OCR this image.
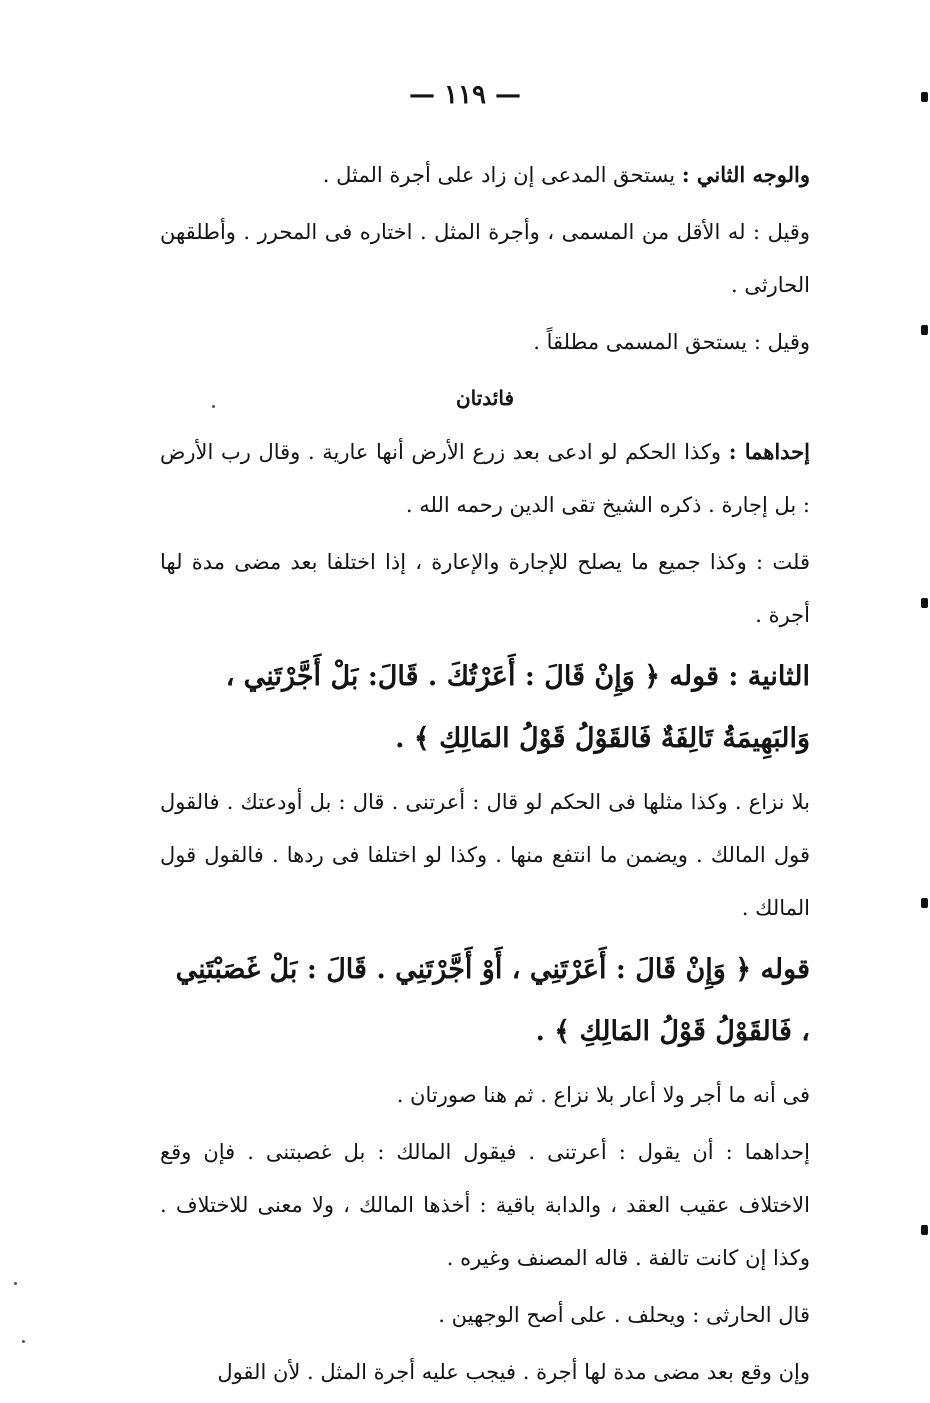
— ١١٩ —

والوجه الثاني : يستحق المدعى إن زاد على أجرة المثل .

وقيل : له الأقل من المسمى ، وأجرة المثل . اختاره فى المحرر . وأطلقهن الحارثى .

وقيل : يستحق المسمى مطلقاً .

فائدتان

إحداهما : وكذا الحكم لو ادعى بعد زرع الأرض أنها عارية . وقال رب الأرض : بل إجارة . ذكره الشيخ تقى الدين رحمه الله .

قلت : وكذا جميع ما يصلح للإجارة والإعارة ، إذا اختلفا بعد مضى مدة لها أجرة .

الثانية : قوله ﴿ وَإِنْ قَالَ : أَعَرْتُكَ . قَالَ: بَلْ أَجَّرْتَنِي ، وَالبَهِيمَةُ تَالِفَةٌ فَالقَوْلُ قَوْلُ المَالِكِ ﴾ .

بلا نزاع . وكذا مثلها فى الحكم لو قال : أعرتنى . قال : بل أودعتك . فالقول قول المالك . ويضمن ما انتفع منها . وكذا لو اختلفا فى ردها . فالقول قول المالك .

قوله ﴿ وَإِنْ قَالَ : أَعَرْتَنِي ، أَوْ أَجَّرْتَنِي . قَالَ : بَلْ غَصَبْتَنِي ، فَالقَوْلُ قَوْلُ المَالِكِ ﴾ .

فى أنه ما أجر ولا أعار بلا نزاع . ثم هنا صورتان .

إحداهما : أن يقول : أعرتنى . فيقول المالك : بل غصبتنى . فإن وقع الاختلاف عقيب العقد ، والدابة باقية : أخذها المالك ، ولا معنى للاختلاف . وكذا إن كانت تالفة . قاله المصنف وغيره .

قال الحارثى : ويحلف . على أصح الوجهين .

وإن وقع بعد مضى مدة لها أجرة . فيجب عليه أجرة المثل . لأن القول
